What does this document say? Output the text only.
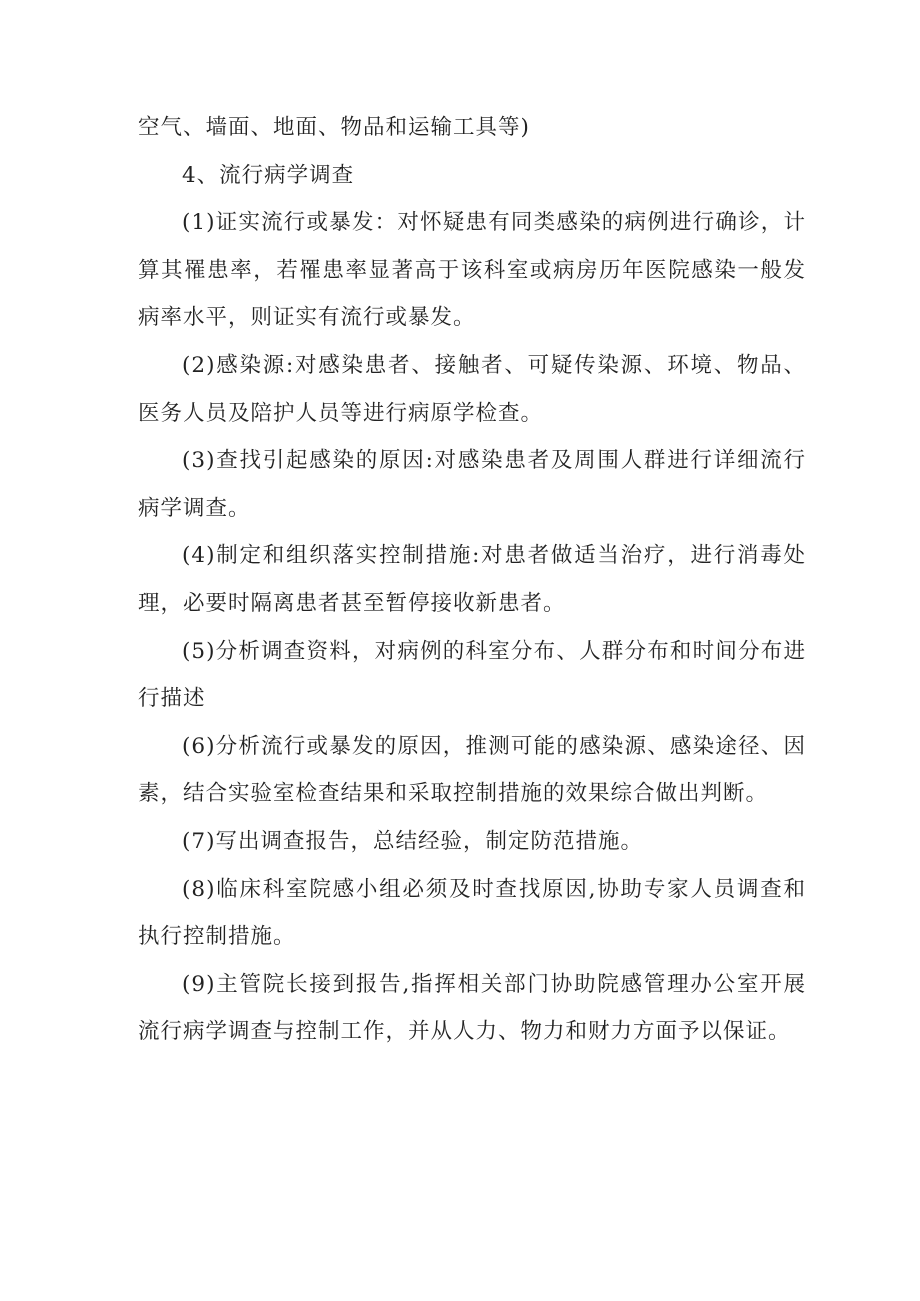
空气、墙面、地面、物品和运输工具等)

4、流行病学调查

(1)证实流行或暴发：对怀疑患有同类感染的病例进行确诊，计算其罹患率，若罹患率显著高于该科室或病房历年医院感染一般发病率水平，则证实有流行或暴发。

(2)感染源:对感染患者、接触者、可疑传染源、环境、物品、医务人员及陪护人员等进行病原学检查。

(3)查找引起感染的原因:对感染患者及周围人群进行详细流行病学调查。

(4)制定和组织落实控制措施:对患者做适当治疗，进行消毒处理，必要时隔离患者甚至暂停接收新患者。

(5)分析调查资料，对病例的科室分布、人群分布和时间分布进行描述

(6)分析流行或暴发的原因，推测可能的感染源、感染途径、因素，结合实验室检查结果和采取控制措施的效果综合做出判断。

(7)写出调查报告，总结经验，制定防范措施。

(8)临床科室院感小组必须及时查找原因,协助专家人员调查和执行控制措施。

(9)主管院长接到报告,指挥相关部门协助院感管理办公室开展流行病学调查与控制工作，并从人力、物力和财力方面予以保证。
